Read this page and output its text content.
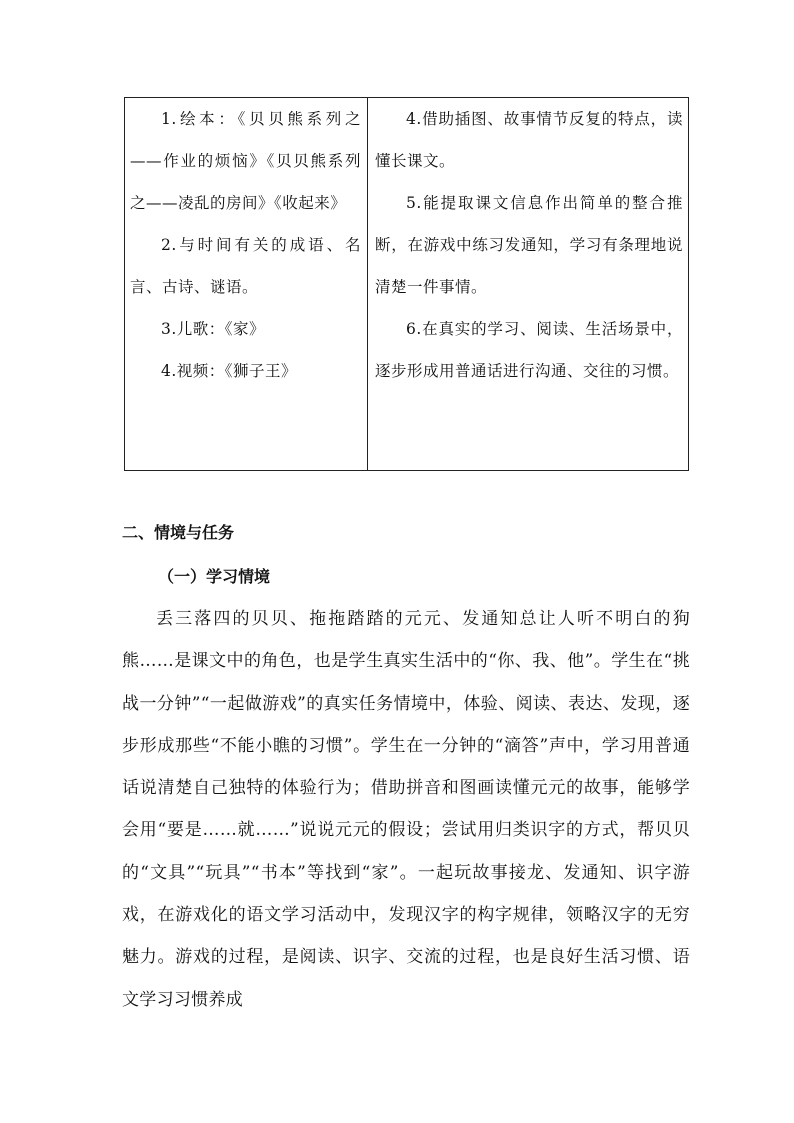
1.绘本：《贝贝熊系列之——作业的烦恼》《贝贝熊系列之——凌乱的房间》《收起来》

2.与时间有关的成语、名言、古诗、谜语。

3.儿歌：《家》

4.视频：《狮子王》

4.借助插图、故事情节反复的特点，读懂长课文。

5.能提取课文信息作出简单的整合推断，在游戏中练习发通知，学习有条理地说清楚一件事情。

6.在真实的学习、阅读、生活场景中，逐步形成用普通话进行沟通、交往的习惯。

二、情境与任务
（一）学习情境

丢三落四的贝贝、拖拖踏踏的元元、发通知总让人听不明白的狗熊……是课文中的角色，也是学生真实生活中的“你、我、他”。学生在“挑战一分钟”“一起做游戏”的真实任务情境中，体验、阅读、表达、发现，逐步形成那些“不能小瞧的习惯”。学生在一分钟的“滴答”声中，学习用普通话说清楚自己独特的体验行为；借助拼音和图画读懂元元的故事，能够学会用“要是……就……”说说元元的假设；尝试用归类识字的方式，帮贝贝的“文具”“玩具”“书本”等找到“家”。一起玩故事接龙、发通知、识字游戏，在游戏化的语文学习活动中，发现汉字的构字规律，领略汉字的无穷魅力。游戏的过程，是阅读、识字、交流的过程，也是良好生活习惯、语文学习习惯养成
